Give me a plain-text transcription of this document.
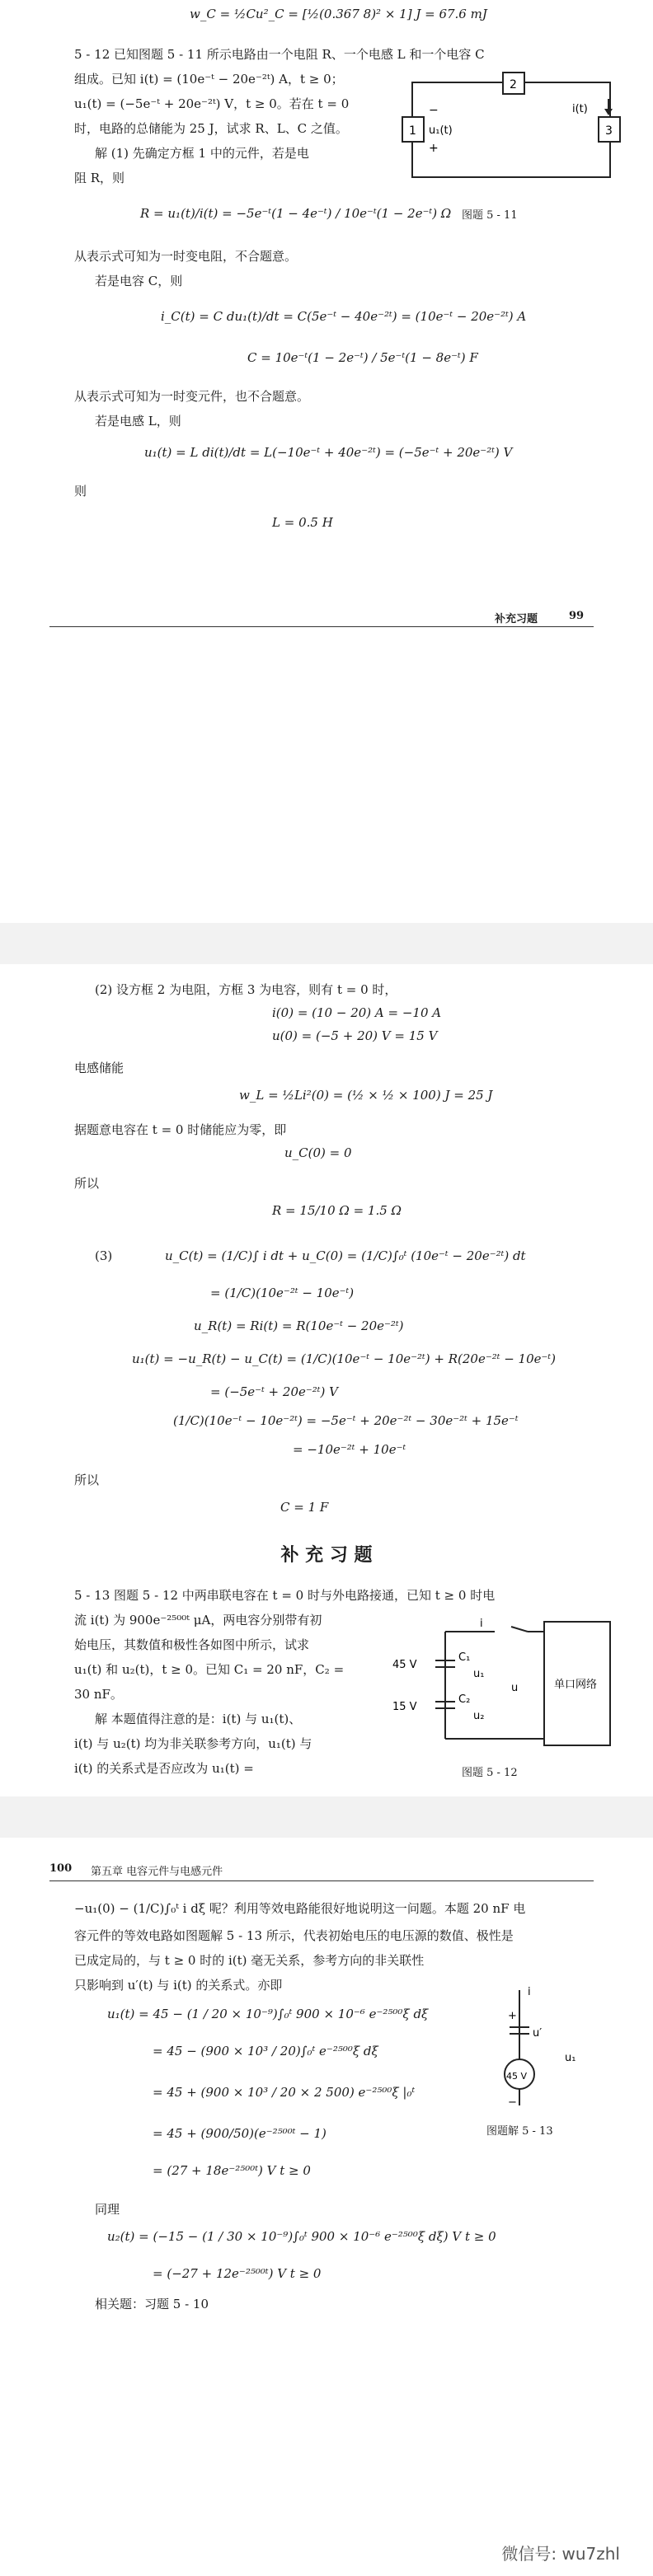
w_C = ½Cu²_C = [½(0.367 8)² × 1] J = 67.6 mJ
5 - 12 已知图题 5 - 11 所示电路由一个电阻 R、一个电感 L 和一个电容 C
组成。已知 i(t) = (10e⁻ᵗ − 20e⁻²ᵗ) A，t ≥ 0；
u₁(t) = (−5e⁻ᵗ + 20e⁻²ᵗ) V，t ≥ 0。若在 t = 0
时，电路的总储能为 25 J，试求 R、L、C 之值。
解 (1) 先确定方框 1 中的元件，若是电
阻 R，则
2
1	3
−
u₁(t)
+
i(t)
图题 5 - 11
R = u₁(t)/i(t) = −5e⁻ᵗ(1 − 4e⁻ᵗ) / 10e⁻ᵗ(1 − 2e⁻ᵗ) Ω
从表示式可知为一时变电阻，不合题意。
若是电容 C，则
i_C(t) = C du₁(t)/dt = C(5e⁻ᵗ − 40e⁻²ᵗ) = (10e⁻ᵗ − 20e⁻²ᵗ) A
C = 10e⁻ᵗ(1 − 2e⁻ᵗ) / 5e⁻ᵗ(1 − 8e⁻ᵗ) F
从表示式可知为一时变元件，也不合题意。
若是电感 L，则
u₁(t) = L di(t)/dt = L(−10e⁻ᵗ + 40e⁻²ᵗ) = (−5e⁻ᵗ + 20e⁻²ᵗ) V
则
L = 0.5 H
补充习题	99
(2) 设方框 2 为电阻，方框 3 为电容，则有 t = 0 时，
i(0) = (10 − 20) A = −10 A
u(0) = (−5 + 20) V = 15 V
电感储能
w_L = ½Li²(0) = (½ × ½ × 100) J = 25 J
据题意电容在 t = 0 时储能应为零，即
u_C(0) = 0
所以
R = 15/10 Ω = 1.5 Ω
(3)	u_C(t) = (1/C)∫ i dt + u_C(0) = (1/C)∫₀ᵗ (10e⁻ᵗ − 20e⁻²ᵗ) dt
= (1/C)(10e⁻²ᵗ − 10e⁻ᵗ)
u_R(t) = Ri(t) = R(10e⁻ᵗ − 20e⁻²ᵗ)
u₁(t) = −u_R(t) − u_C(t) = (1/C)(10e⁻ᵗ − 10e⁻²ᵗ) + R(20e⁻²ᵗ − 10e⁻ᵗ)
= (−5e⁻ᵗ + 20e⁻²ᵗ) V
(1/C)(10e⁻ᵗ − 10e⁻²ᵗ) = −5e⁻ᵗ + 20e⁻²ᵗ − 30e⁻²ᵗ + 15e⁻ᵗ
= −10e⁻²ᵗ + 10e⁻ᵗ
所以
C = 1 F
补 充 习 题
5 - 13 图题 5 - 12 中两串联电容在 t = 0 时与外电路接通，已知 t ≥ 0 时电
流 i(t) 为 900e⁻²⁵⁰⁰ᵗ μA，两电容分别带有初
始电压，其数值和极性各如图中所示，试求
u₁(t) 和 u₂(t)，t ≥ 0。已知 C₁ = 20 nF，C₂ =
30 nF。
解 本题值得注意的是：i(t) 与 u₁(t)、
i(t) 与 u₂(t) 均为非关联参考方向，u₁(t) 与
i(t) 的关系式是否应改为 u₁(t) =
45 V
15 V
C₁
C₂
u₁
u₂
u
i
单口网络
图题 5 - 12
100 第五章 电容元件与电感元件
−u₁(0) − (1/C)∫₀ᵗ i dξ 呢？利用等效电路能很好地说明这一问题。本题 20 nF 电
容元件的等效电路如图题解 5 - 13 所示，代表初始电压的电压源的数值、极性是
已成定局的，与 t ≥ 0 时的 i(t) 毫无关系，参考方向的非关联性
只影响到 u′(t) 与 i(t) 的关系式。亦即
u₁(t) = 45 − (1 / 20 × 10⁻⁹)∫₀ᵗ 900 × 10⁻⁶ e⁻²⁵⁰⁰ξ dξ
= 45 − (900 × 10³ / 20)∫₀ᵗ e⁻²⁵⁰⁰ξ dξ
= 45 + (900 × 10³ / 20 × 2 500) e⁻²⁵⁰⁰ξ |₀ᵗ
= 45 + (900/50)(e⁻²⁵⁰⁰ᵗ − 1)
= (27 + 18e⁻²⁵⁰⁰ᵗ) V t ≥ 0
i
u′
u₁
45 V
+
−
图题解 5 - 13
同理
u₂(t) = (−15 − (1 / 30 × 10⁻⁹)∫₀ᵗ 900 × 10⁻⁶ e⁻²⁵⁰⁰ξ dξ) V t ≥ 0
= (−27 + 12e⁻²⁵⁰⁰ᵗ) V t ≥ 0
相关题：习题 5 - 10
微信号: wu7zhl
